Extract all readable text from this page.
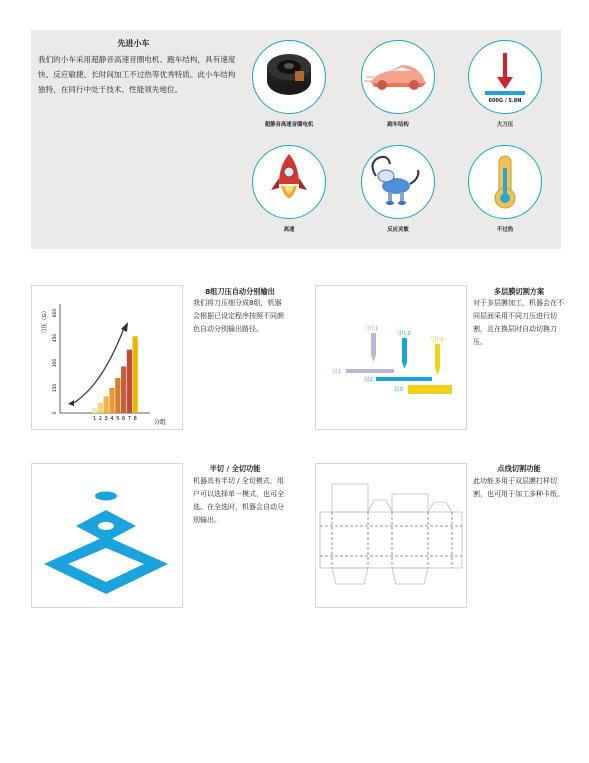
先进小车
我们的小车采用超静音高速音圈电机、跑车结构，具有速度快、反应敏捷、长时间加工不过热等优秀特质。此小车结构独特，在同行中处于技术、性能领先地位。
超静音高速音圈电机	跑车结构
600G / 5.8N
大刀压
高速	反应灵敏	不过热
刀压（G）
分组
1 2 3 4 5 6 7 8
0
150
300
450
600
8组刀压自动分别输出
我们将刀压细分成8组，机器会根据已设定程序按照不同颜色自动分别输出路径。	刀压1
刀压2
刀压3
层1
层2
层3
多层膜切割方案
对于多层膜加工，机器会在不同层面采用不同刀压进行切割，且在换层时自动切换刀压。
半切 / 全切功能
机器具有半切 / 全切模式，用户可以选择单一模式，也可全选。在全选时，机器会自动分别输出。
点线切割功能
此功能多用于双层膜打样切割，也可用于加工多种卡纸。
